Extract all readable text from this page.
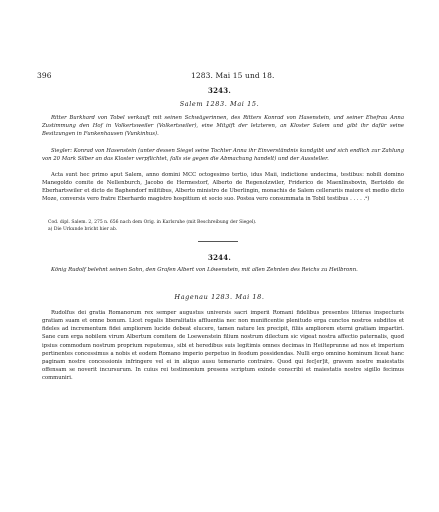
396	1283. Mai 15 und 18.
3243.
Salem 1283. Mai 15.
Ritter Burkhard von Tobel verkauft mit seinen Schwägerinnen, des Ritters Konrad von Hasenstein, und seiner Ehefrau Anna Zustimmung den Hof in Volkertsweiler (Volkertswiler), eine Mitgift der letzteren, an Kloster Salem und gibt ihr dafür seine Besitzungen in Funkenhausen (Vunkinhus).
Siegler: Konrad von Hasenstein (unter dessen Siegel seine Tochter Anna ihr Einverständnis kundgibt und sich endlich zur Zahlung von 20 Mark Silber an das Kloster verpflichtet, falls sie gegen die Abmachung handelt) und der Aussteller.
Acta sunt hec primo aput Salem, anno domini MCC octogesimo tertio, idus Maii, indictione undecima, testibus: nobili domino Manegoldo comite de Nellenburch, Jacobo de Hermestorf, Alberto de Regenolzwiler, Friderico de Maenlinsbovin, Bertoldo de Eberhartswiler et dicto de Baphendorf militibus, Alberto ministro de Uberlingin, monachis de Salem cellerariis maiore et medio dicto Moze, conversis vero fratre Eberhardo magistro hospitium et socio suo. Postea vero consummata in Tobil testibus . . . . .ᵃ)
Cod. dipl. Salem. 2, 275 n. 656 nach dem Orig. in Karlsruhe (mit Beschreibung der Siegel).
a) Die Urkunde bricht hier ab.
3244.
König Rudolf belehnt seinen Sohn, den Grafen Albert von Löwenstein, mit allen Zehnten des Reichs zu Heilbronn.
Hagenau 1283. Mai 18.
Rudolfus dei gratia Romanorum rex semper augustus universis sacri imperii Romani fidelibus presentes litteras inspecturis gratiam suam et omne bonum. Licet regalis liberalitatis affluentia nec non munificentie plenitudo erga cunctos nostros subditos et fideles ad incrementum fidei ampliorem lucide debeat elucere, tamen nature lex precipit, filiis ampliorem eterni gratiam impartiri. Sane cum erga nobilem virum Albertum comitem de Loewenstein filium nostrum dilectum sic vigeat nostra affectio paternalis, quod ipsius commodum nostrum proprium reputemus, sibi et heredibus suis legitimis omnes decimas in Heilteprunne ad nos et imperium pertinentes concessimus a nobis et eodem Romano imperio perpetuo in feodum possidendas. Nulli ergo omnino hominum liceat hanc paginam nostre concessionis infringere vel ei in aliquo ausu temerario contraire. Quod qui fec[er]it, gravem nostre maiestatis offensam se noverit incursurum. In cuius rei testimonium presens scriptum exinde conscribi et maiestatis nostre sigillo fecimus communiri.
